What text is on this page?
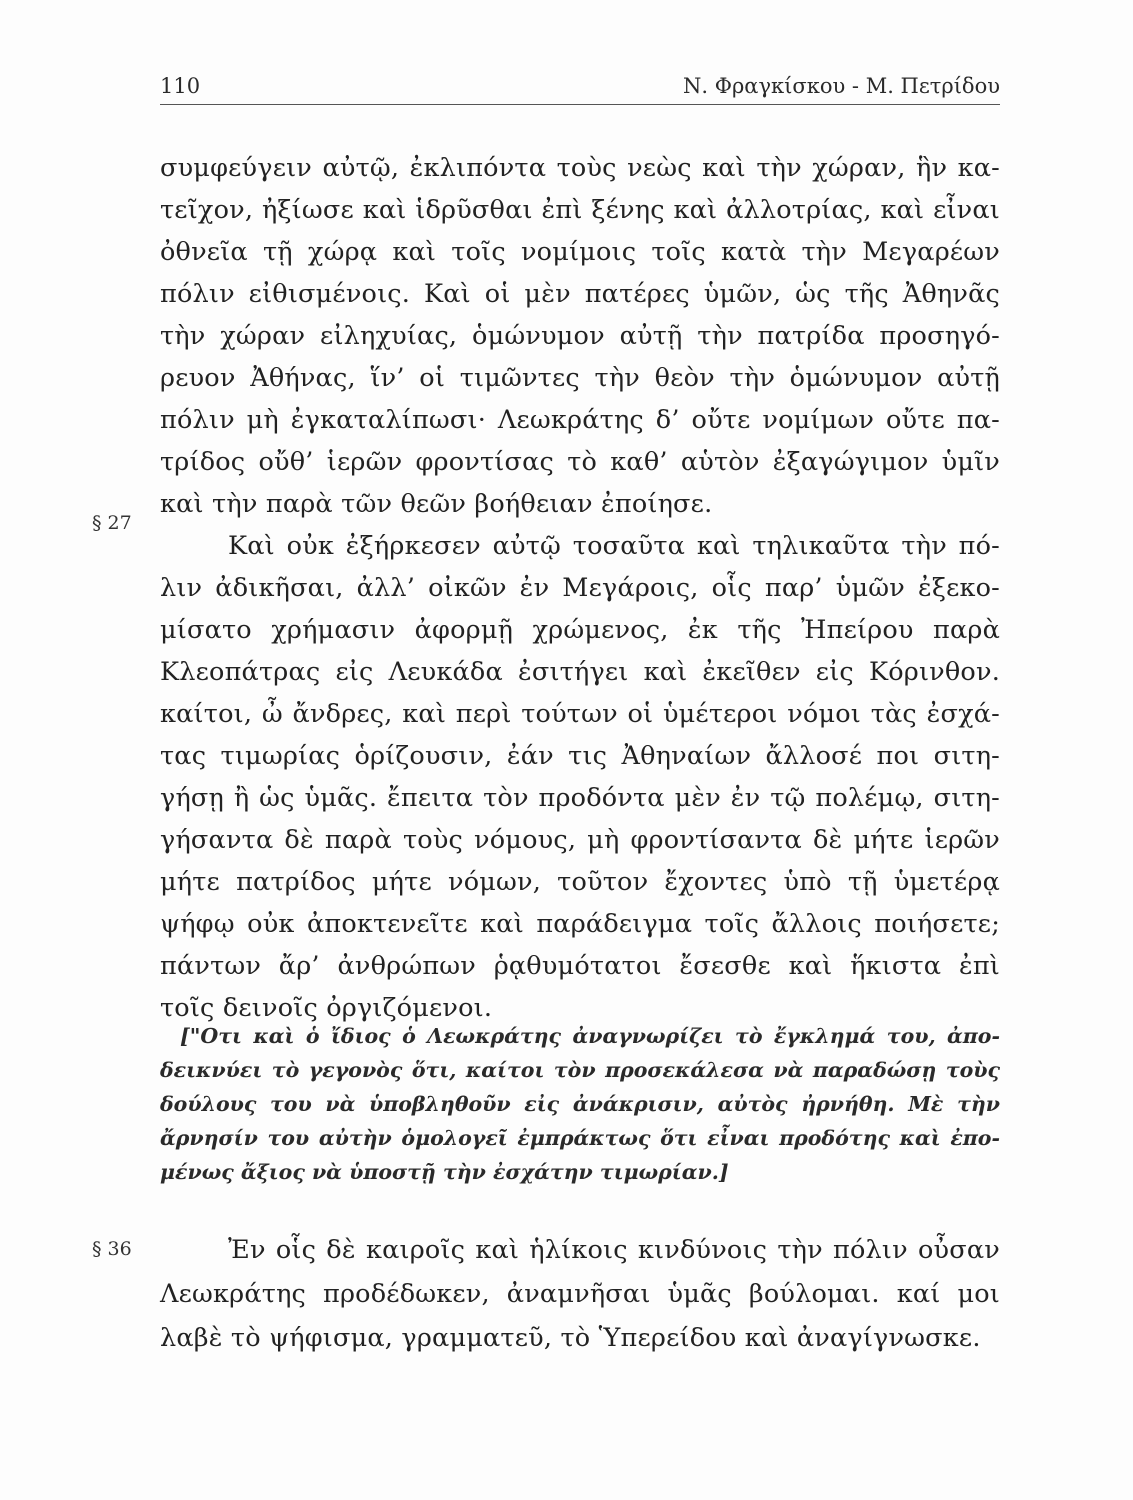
110	Ν. Φραγκίσκου - Μ. Πετρίδου
συμφεύγειν αὐτῷ, ἐκλιπόντα τοὺς νεὼς καὶ τὴν χώραν, ἣν κα-
τεῖχον, ἠξίωσε καὶ ἱδρῦσθαι ἐπὶ ξένης καὶ ἀλλοτρίας, καὶ εἶναι
ὀθνεῖα τῇ χώρᾳ καὶ τοῖς νομίμοις τοῖς κατὰ τὴν Μεγαρέων
πόλιν εἰθισμένοις. Καὶ οἱ μὲν πατέρες ὑμῶν, ὡς τῆς Ἀθηνᾶς
τὴν χώραν εἰληχυίας, ὁμώνυμον αὐτῇ τὴν πατρίδα προσηγό-
ρευον Ἀθήνας, ἵν’ οἱ τιμῶντες τὴν θεὸν τὴν ὁμώνυμον αὐτῇ
πόλιν μὴ ἐγκαταλίπωσι· Λεωκράτης δ’ οὔτε νομίμων οὔτε πα-
τρίδος οὔθ’ ἱερῶν φροντίσας τὸ καθ’ αὑτὸν ἐξαγώγιμον ὑμῖν
καὶ τὴν παρὰ τῶν θεῶν βοήθειαν ἐποίησε.
Καὶ οὐκ ἐξήρκεσεν αὐτῷ τοσαῦτα καὶ τηλικαῦτα τὴν πό-
λιν ἀδικῆσαι, ἀλλ’ οἰκῶν ἐν Μεγάροις, οἷς παρ’ ὑμῶν ἐξεκο-
μίσατο χρήμασιν ἀφορμῇ χρώμενος, ἐκ τῆς Ἠπείρου παρὰ
Κλεοπάτρας εἰς Λευκάδα ἐσιτήγει καὶ ἐκεῖθεν εἰς Κόρινθον.
καίτοι, ὦ ἄνδρες, καὶ περὶ τούτων οἱ ὑμέτεροι νόμοι τὰς ἐσχά-
τας τιμωρίας ὁρίζουσιν, ἐάν τις Ἀθηναίων ἄλλοσέ ποι σιτη-
γήσῃ ἢ ὡς ὑμᾶς. ἔπειτα τὸν προδόντα μὲν ἐν τῷ πολέμῳ, σιτη-
γήσαντα δὲ παρὰ τοὺς νόμους, μὴ φροντίσαντα δὲ μήτε ἱερῶν
μήτε πατρίδος μήτε νόμων, τοῦτον ἔχοντες ὑπὸ τῇ ὑμετέρᾳ
ψήφῳ οὐκ ἀποκτενεῖτε καὶ παράδειγμα τοῖς ἄλλοις ποιήσετε;
πάντων ἄρ’ ἀνθρώπων ῥᾳθυμότατοι ἔσεσθε καὶ ἥκιστα ἐπὶ
τοῖς δεινοῖς ὀργιζόμενοι.
§ 27
["Οτι καὶ ὁ ἴδιος ὁ Λεωκράτης ἀναγνωρίζει τὸ ἔγκλημά του, ἀπο-
δεικνύει τὸ γεγονὸς ὅτι, καίτοι τὸν προσεκάλεσα νὰ παραδώσῃ τοὺς
δούλους του νὰ ὑποβληθοῦν εἰς ἀνάκρισιν, αὐτὸς ἠρνήθη. Μὲ τὴν
ἄρνησίν του αὐτὴν ὁμολογεῖ ἐμπράκτως ὅτι εἶναι προδότης καὶ ἐπο-
μένως ἄξιος νὰ ὑποστῇ τὴν ἐσχάτην τιμωρίαν.]
§ 36	Ἐν οἷς δὲ καιροῖς καὶ ἡλίκοις κινδύνοις τὴν πόλιν οὖσαν
Λεωκράτης προδέδωκεν, ἀναμνῆσαι ὑμᾶς βούλομαι. καί μοι
λαβὲ τὸ ψήφισμα, γραμματεῦ, τὸ Ὑπερείδου καὶ ἀναγίγνωσκε.
